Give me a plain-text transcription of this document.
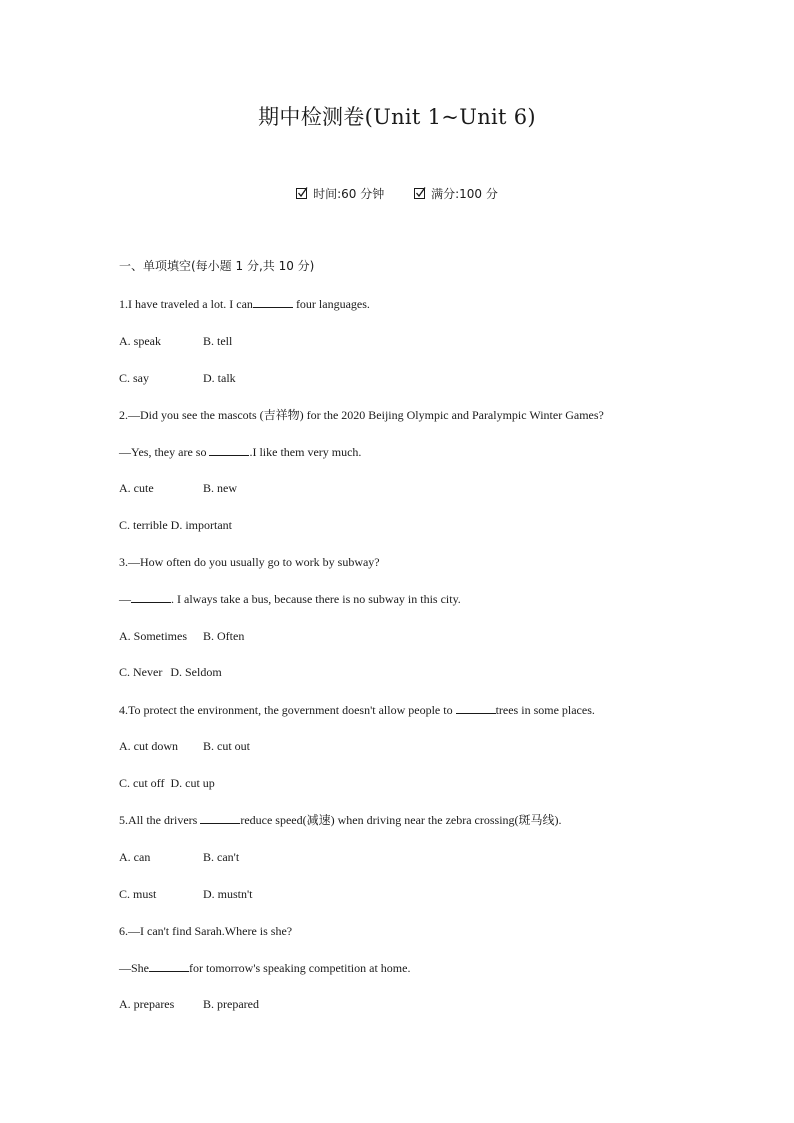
期中检测卷(Unit 1~Unit 6)
时间:60 分钟	满分:100 分
一、单项填空(每小题 1 分,共 10 分)
1.I have traveled a lot. I can	four languages.
A. speak	B. tell
C. say	D. talk
2.—Did you see the mascots (吉祥物) for the 2020 Beijing Olympic and Paralympic Winter Games?
—Yes, they are so	.I like them very much.
A. cute	B. new
C. terrible D. important
3.—How often do you usually go to work by subway?
—	. I always take a bus, because there is no subway in this city.
A. Sometimes B. Often
C. Never D. Seldom
4.To protect the environment, the government doesn't allow people to	trees in some places.
A. cut down B. cut out
C. cut off D. cut up
5.All the drivers	reduce speed(减速) when driving near the zebra crossing(斑马线).
A. can	B. can't
C. must	D. mustn't
6.—I can't find Sarah.Where is she?
—She	for tomorrow's speaking competition at home.
A. prepares B. prepared
